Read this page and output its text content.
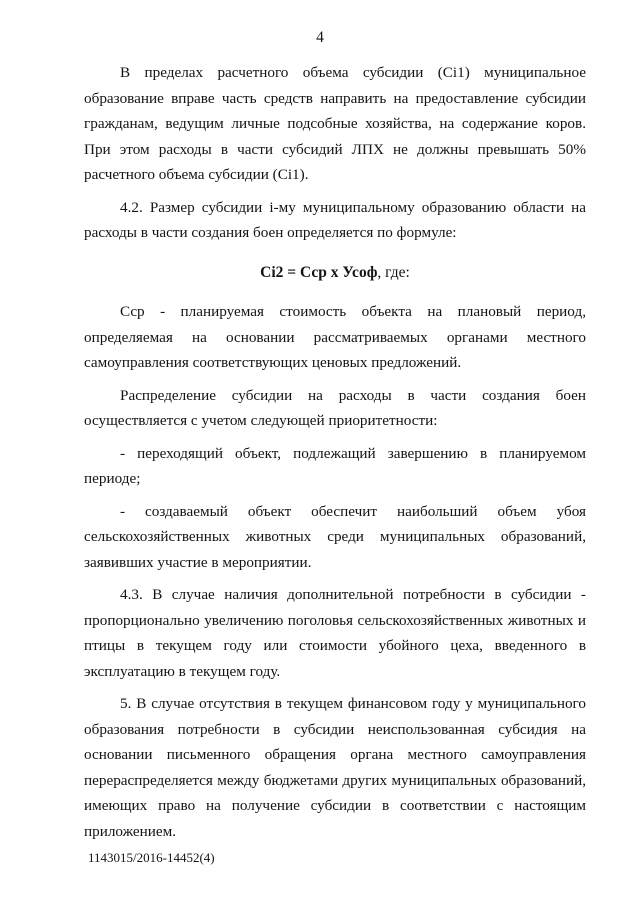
4

В пределах расчетного объема субсидии (Ci1) муниципальное образование вправе часть средств направить на предоставление субсидии гражданам, ведущим личные подсобные хозяйства, на содержание коров. При этом расходы в части субсидий ЛПХ не должны превышать 50% расчетного объема субсидии (Ci1).

4.2. Размер субсидии i-му муниципальному образованию области на расходы в части создания боен определяется по формуле:

Ci2 = Сср х Усоф, где:

Сср - планируемая стоимость объекта на плановый период, определяемая на основании рассматриваемых органами местного самоуправления соответствующих ценовых предложений.

Распределение субсидии на расходы в части создания боен осуществляется с учетом следующей приоритетности:

- переходящий объект, подлежащий завершению в планируемом периоде;

- создаваемый объект обеспечит наибольший объем убоя сельскохозяйственных животных среди муниципальных образований, заявивших участие в мероприятии.

4.3. В случае наличия дополнительной потребности в субсидии - пропорционально увеличению поголовья сельскохозяйственных животных и птицы в текущем году или стоимости убойного цеха, введенного в эксплуатацию в текущем году.

5. В случае отсутствия в текущем финансовом году у муниципального образования потребности в субсидии неиспользованная субсидия на основании письменного обращения органа местного самоуправления перераспределяется между бюджетами других муниципальных образований, имеющих право на получение субсидии в соответствии с настоящим приложением.

1143015/2016-14452(4)
